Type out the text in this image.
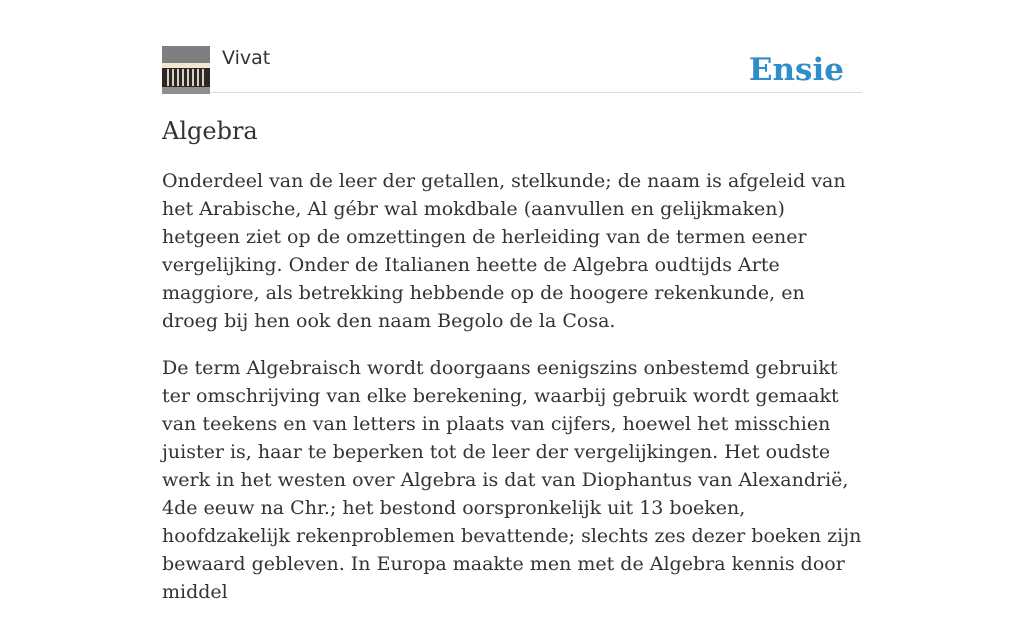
Vivat	Ensie
Algebra

Onderdeel van de leer der getallen, stelkunde; de naam is afgeleid van het Arabische, Al gébr wal mokdbale (aanvullen en gelijkmaken) hetgeen ziet op de omzettingen de herleiding van de termen eener vergelijking. Onder de Italianen heette de Algebra oudtijds Arte maggiore, als betrekking hebbende op de hoogere rekenkunde, en droeg bij hen ook den naam Begolo de la Cosa.

De term Algebraisch wordt doorgaans eenigszins onbestemd gebruikt ter omschrijving van elke berekening, waarbij gebruik wordt gemaakt van teekens en van letters in plaats van cijfers, hoewel het misschien juister is, haar te beperken tot de leer der vergelijkingen. Het oudste werk in het westen over Algebra is dat van Diophantus van Alexandrië, 4de eeuw na Chr.; het bestond oorspronkelijk uit 13 boeken, hoofdzakelijk rekenproblemen bevattende; slechts zes dezer boeken zijn bewaard gebleven. In Europa maakte men met de Algebra kennis door middel
